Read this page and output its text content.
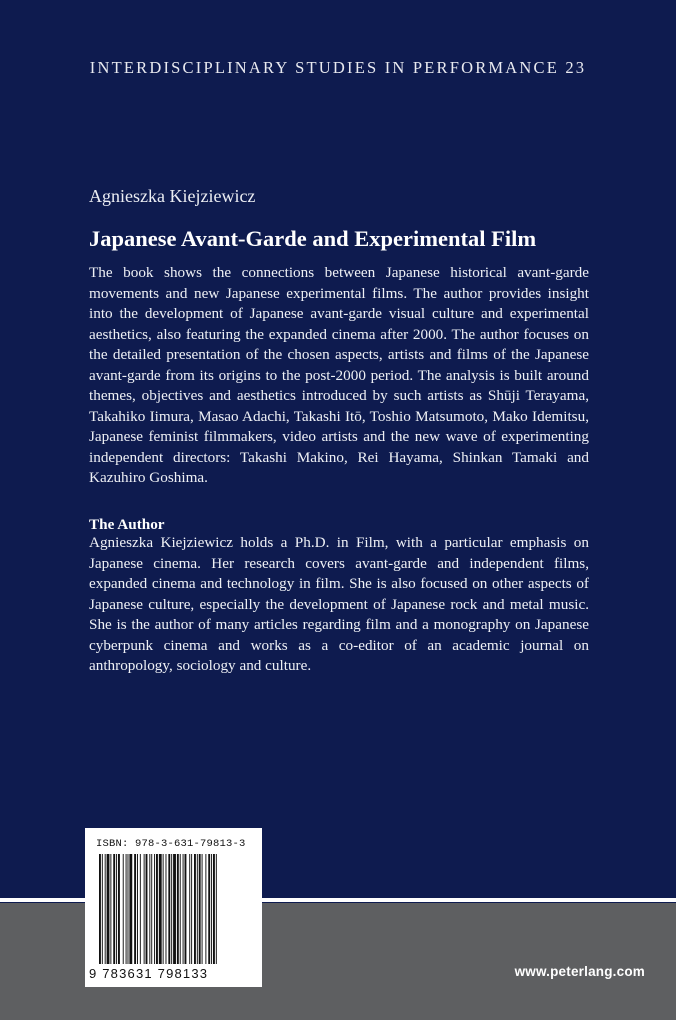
INTERDISCIPLINARY STUDIES IN PERFORMANCE 23
Agnieszka Kiejziewicz
Japanese Avant-Garde and Experimental Film
The book shows the connections between Japanese historical avant-garde movements and new Japanese experimental films. The author provides insight into the development of Japanese avant-garde visual culture and experimental aesthetics, also featuring the expanded cinema after 2000. The author focuses on the detailed presentation of the chosen aspects, artists and films of the Japanese avant-garde from its origins to the post-2000 period. The analysis is built around themes, objectives and aesthetics introduced by such artists as Shūji Terayama, Takahiko Iimura, Masao Adachi, Takashi Itō, Toshio Matsumoto, Mako Idemitsu, Japanese feminist filmmakers, video artists and the new wave of experimenting independent directors: Takashi Makino, Rei Hayama, Shinkan Tamaki and Kazuhiro Goshima.
The Author
Agnieszka Kiejziewicz holds a Ph.D. in Film, with a particular emphasis on Japanese cinema. Her research covers avant-garde and independent films, expanded cinema and technology in film. She is also focused on other aspects of Japanese culture, especially the development of Japanese rock and metal music. She is the author of many articles regarding film and a monography on Japanese cyberpunk cinema and works as a co-editor of an academic journal on anthropology, sociology and culture.
www.peterlang.com
ISBN: 978-3-631-79813-3
9 783631 798133
